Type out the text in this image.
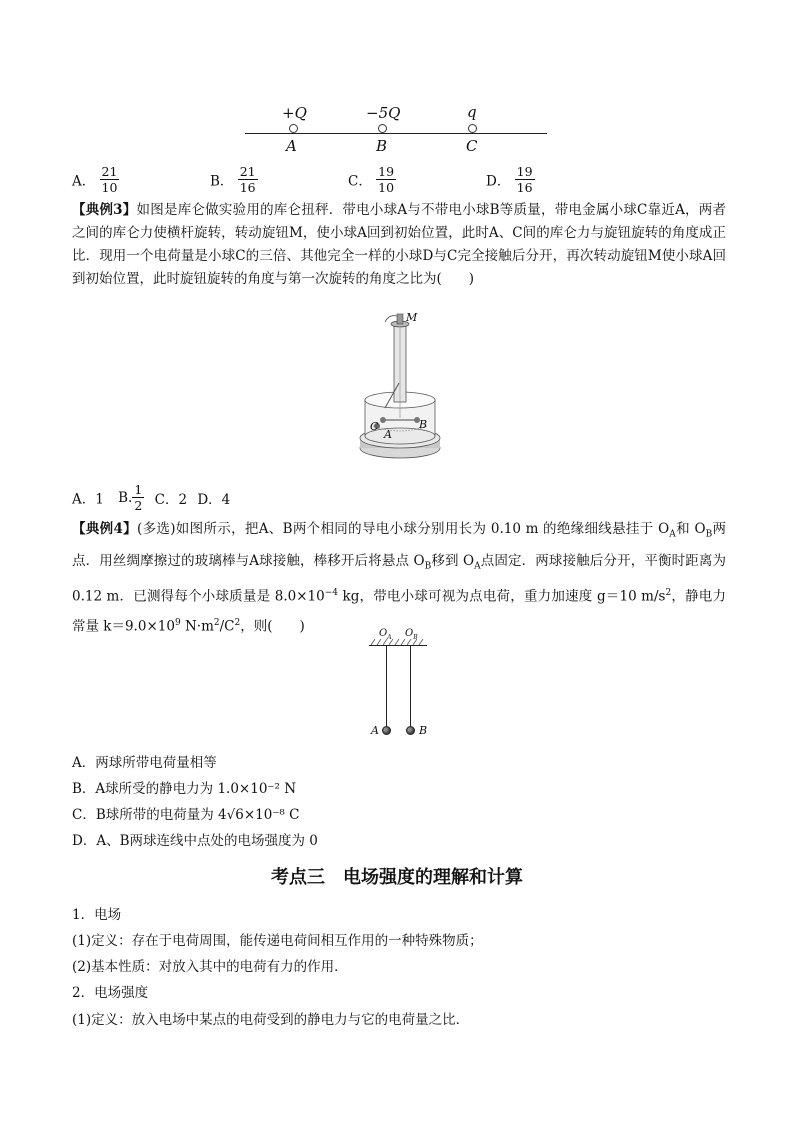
+Q	−5Q	q
A	B	C
A． $\frac{21}{10}$	B． $\frac{21}{16}$	C． $\frac{19}{10}$	D． $\frac{19}{16}$
【典例3】如图是库仑做实验用的库仑扭秤．带电小球A与不带电小球B等质量，带电金属小球C靠近A，两者之间的库仑力使横杆旋转，转动旋钮M，使小球A回到初始位置，此时A、C间的库仑力与旋钮旋转的角度成正比．现用一个电荷量是小球C的三倍、其他完全一样的小球D与C完全接触后分开，再次转动旋钮M使小球A回到初始位置，此时旋钮旋转的角度与第一次旋转的角度之比为(　　)
M
C
A
B
A．1 B. $\frac{1}{2}$ C．2 D．4
【典例4】(多选)如图所示，把A、B两个相同的导电小球分别用长为 0.10 m 的绝缘细线悬挂于 $O_A$和 $O_B$两点．用丝绸摩擦过的玻璃棒与A球接触，棒移开后将悬点 $O_B$移到 $O_A$点固定．两球接触后分开，平衡时距离为 0.12 m．已测得每个小球质量是 $8.0\times 10^{-4}$ kg，带电小球可视为点电荷，重力加速度 g＝10 $m/s^2$，静电力常量 $k=9.0\times 10^9$ $N\cdot m^2/C^2$，则(　　)	$O_A$ $O_B$
A	B
A．两球所带电荷量相等
B．A球所受的静电力为 1.0×10⁻² N
C．B球所带的电荷量为 4√6×10⁻⁸ C
D．A、B两球连线中点处的电场强度为 0
考点三　电场强度的理解和计算
1．电场
(1)定义：存在于电荷周围，能传递电荷间相互作用的一种特殊物质；
(2)基本性质：对放入其中的电荷有力的作用．
2．电场强度
(1)定义：放入电场中某点的电荷受到的静电力与它的电荷量之比．
